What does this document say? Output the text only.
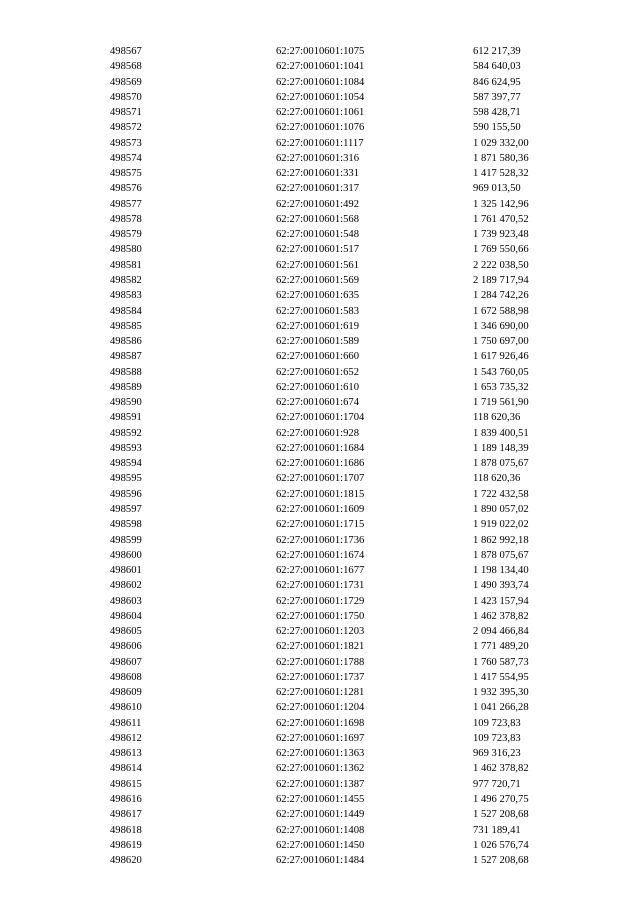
498567	62:27:0010601:1075	612 217,39
498568	62:27:0010601:1041	584 640,03
498569	62:27:0010601:1084	846 624,95
498570	62:27:0010601:1054	587 397,77
498571	62:27:0010601:1061	598 428,71
498572	62:27:0010601:1076	590 155,50
498573	62:27:0010601:1117	1 029 332,00
498574	62:27:0010601:316	1 871 580,36
498575	62:27:0010601:331	1 417 528,32
498576	62:27:0010601:317	969 013,50
498577	62:27:0010601:492	1 325 142,96
498578	62:27:0010601:568	1 761 470,52
498579	62:27:0010601:548	1 739 923,48
498580	62:27:0010601:517	1 769 550,66
498581	62:27:0010601:561	2 222 038,50
498582	62:27:0010601:569	2 189 717,94
498583	62:27:0010601:635	1 284 742,26
498584	62:27:0010601:583	1 672 588,98
498585	62:27:0010601:619	1 346 690,00
498586	62:27:0010601:589	1 750 697,00
498587	62:27:0010601:660	1 617 926,46
498588	62:27:0010601:652	1 543 760,05
498589	62:27:0010601:610	1 653 735,32
498590	62:27:0010601:674	1 719 561,90
498591	62:27:0010601:1704	118 620,36
498592	62:27:0010601:928	1 839 400,51
498593	62:27:0010601:1684	1 189 148,39
498594	62:27:0010601:1686	1 878 075,67
498595	62:27:0010601:1707	118 620,36
498596	62:27:0010601:1815	1 722 432,58
498597	62:27:0010601:1609	1 890 057,02
498598	62:27:0010601:1715	1 919 022,02
498599	62:27:0010601:1736	1 862 992,18
498600	62:27:0010601:1674	1 878 075,67
498601	62:27:0010601:1677	1 198 134,40
498602	62:27:0010601:1731	1 490 393,74
498603	62:27:0010601:1729	1 423 157,94
498604	62:27:0010601:1750	1 462 378,82
498605	62:27:0010601:1203	2 094 466,84
498606	62:27:0010601:1821	1 771 489,20
498607	62:27:0010601:1788	1 760 587,73
498608	62:27:0010601:1737	1 417 554,95
498609	62:27:0010601:1281	1 932 395,30
498610	62:27:0010601:1204	1 041 266,28
498611	62:27:0010601:1698	109 723,83
498612	62:27:0010601:1697	109 723,83
498613	62:27:0010601:1363	969 316,23
498614	62:27:0010601:1362	1 462 378,82
498615	62:27:0010601:1387	977 720,71
498616	62:27:0010601:1455	1 496 270,75
498617	62:27:0010601:1449	1 527 208,68
498618	62:27:0010601:1408	731 189,41
498619	62:27:0010601:1450	1 026 576,74
498620	62:27:0010601:1484	1 527 208,68
